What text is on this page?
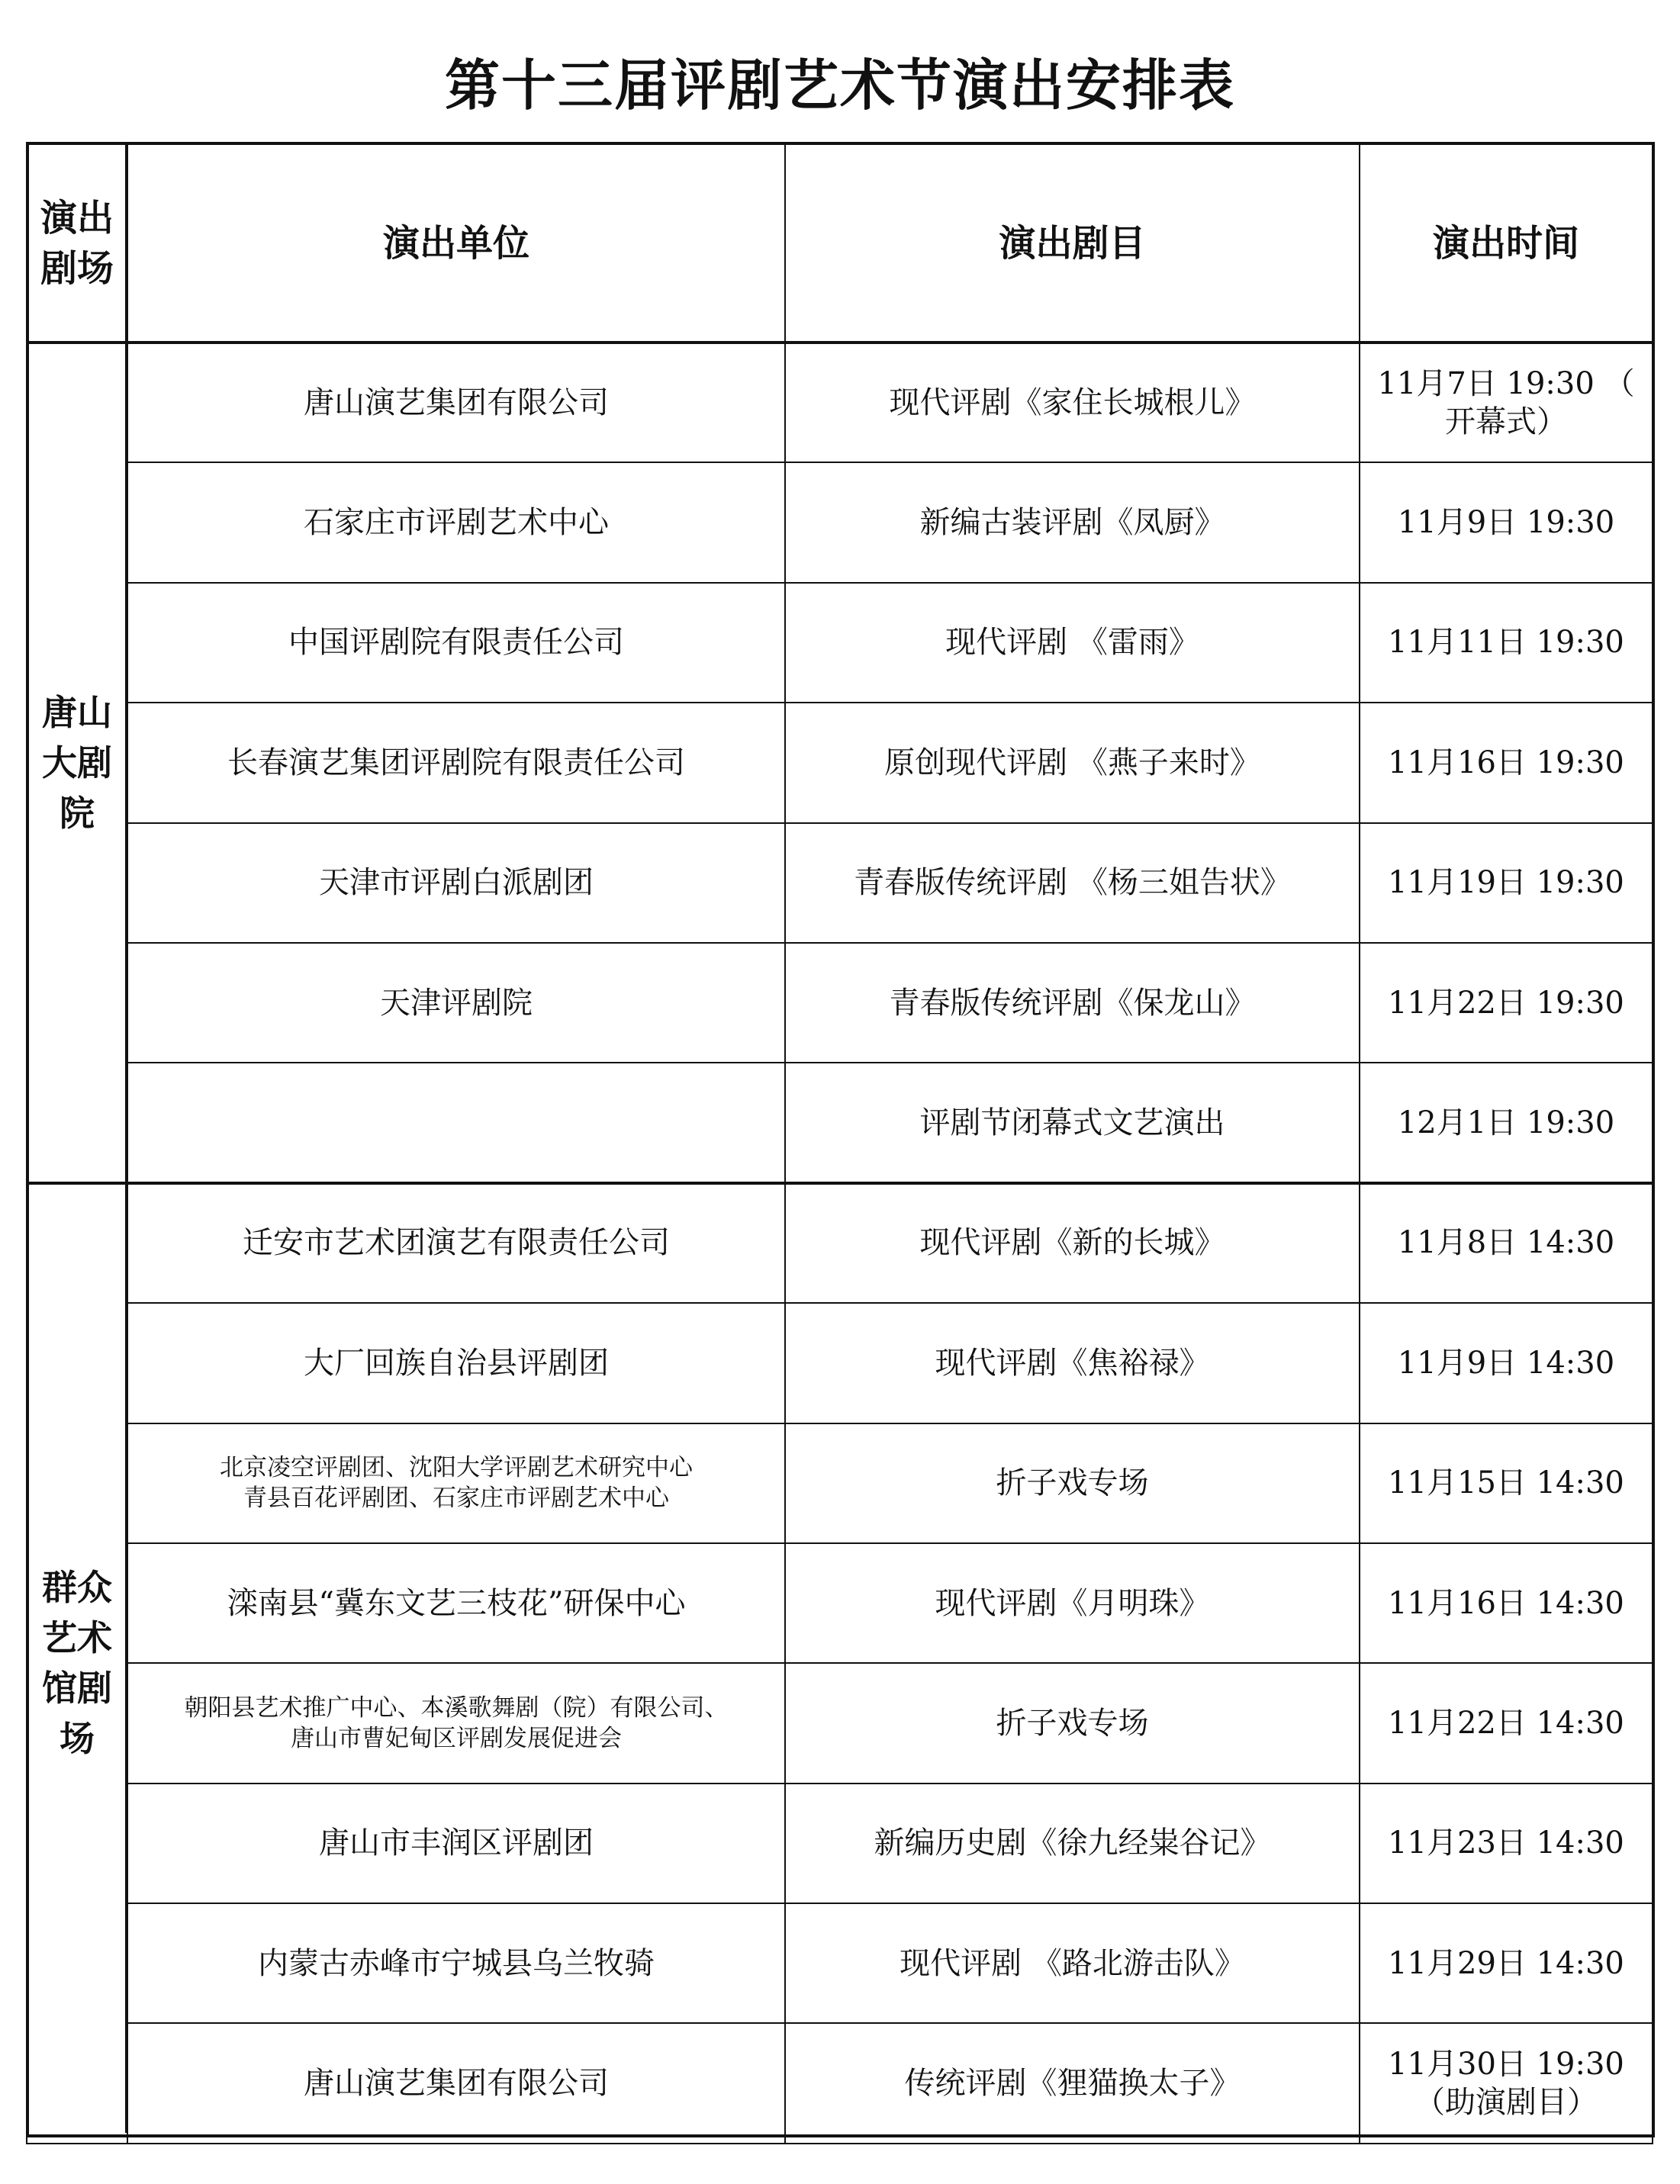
第十三届评剧艺术节演出安排表
演出剧场	演出单位	演出剧目	演出时间

唐山大剧院	唐山演艺集团有限公司	现代评剧《家住长城根儿》	11月7日 19:30 （
开幕式）

	石家庄市评剧艺术中心	新编古装评剧《凤厨》	11月9日 19:30

	中国评剧院有限责任公司	现代评剧 《雷雨》	11月11日 19:30

	长春演艺集团评剧院有限责任公司	原创现代评剧 《燕子来时》	11月16日 19:30

	天津市评剧白派剧团	青春版传统评剧 《杨三姐告状》	11月19日 19:30

	天津评剧院	青春版传统评剧《保龙山》	11月22日 19:30

		评剧节闭幕式文艺演出	12月1日 19:30

群众艺术馆剧场	迁安市艺术团演艺有限责任公司	现代评剧《新的长城》	11月8日 14:30

	大厂回族自治县评剧团	现代评剧《焦裕禄》	11月9日 14:30

	北京凌空评剧团、沈阳大学评剧艺术研究中心
青县百花评剧团、石家庄市评剧艺术中心	折子戏专场	11月15日 14:30

	滦南县“冀东文艺三枝花”研保中心	现代评剧《月明珠》	11月16日 14:30

	朝阳县艺术推广中心、本溪歌舞剧（院）有限公司、
唐山市曹妃甸区评剧发展促进会	折子戏专场	11月22日 14:30

	唐山市丰润区评剧团	新编历史剧《徐九经粜谷记》	11月23日 14:30

	内蒙古赤峰市宁城县乌兰牧骑	现代评剧 《路北游击队》	11月29日 14:30

	唐山演艺集团有限公司	传统评剧《狸猫换太子》	11月30日 19:30
（助演剧目）
